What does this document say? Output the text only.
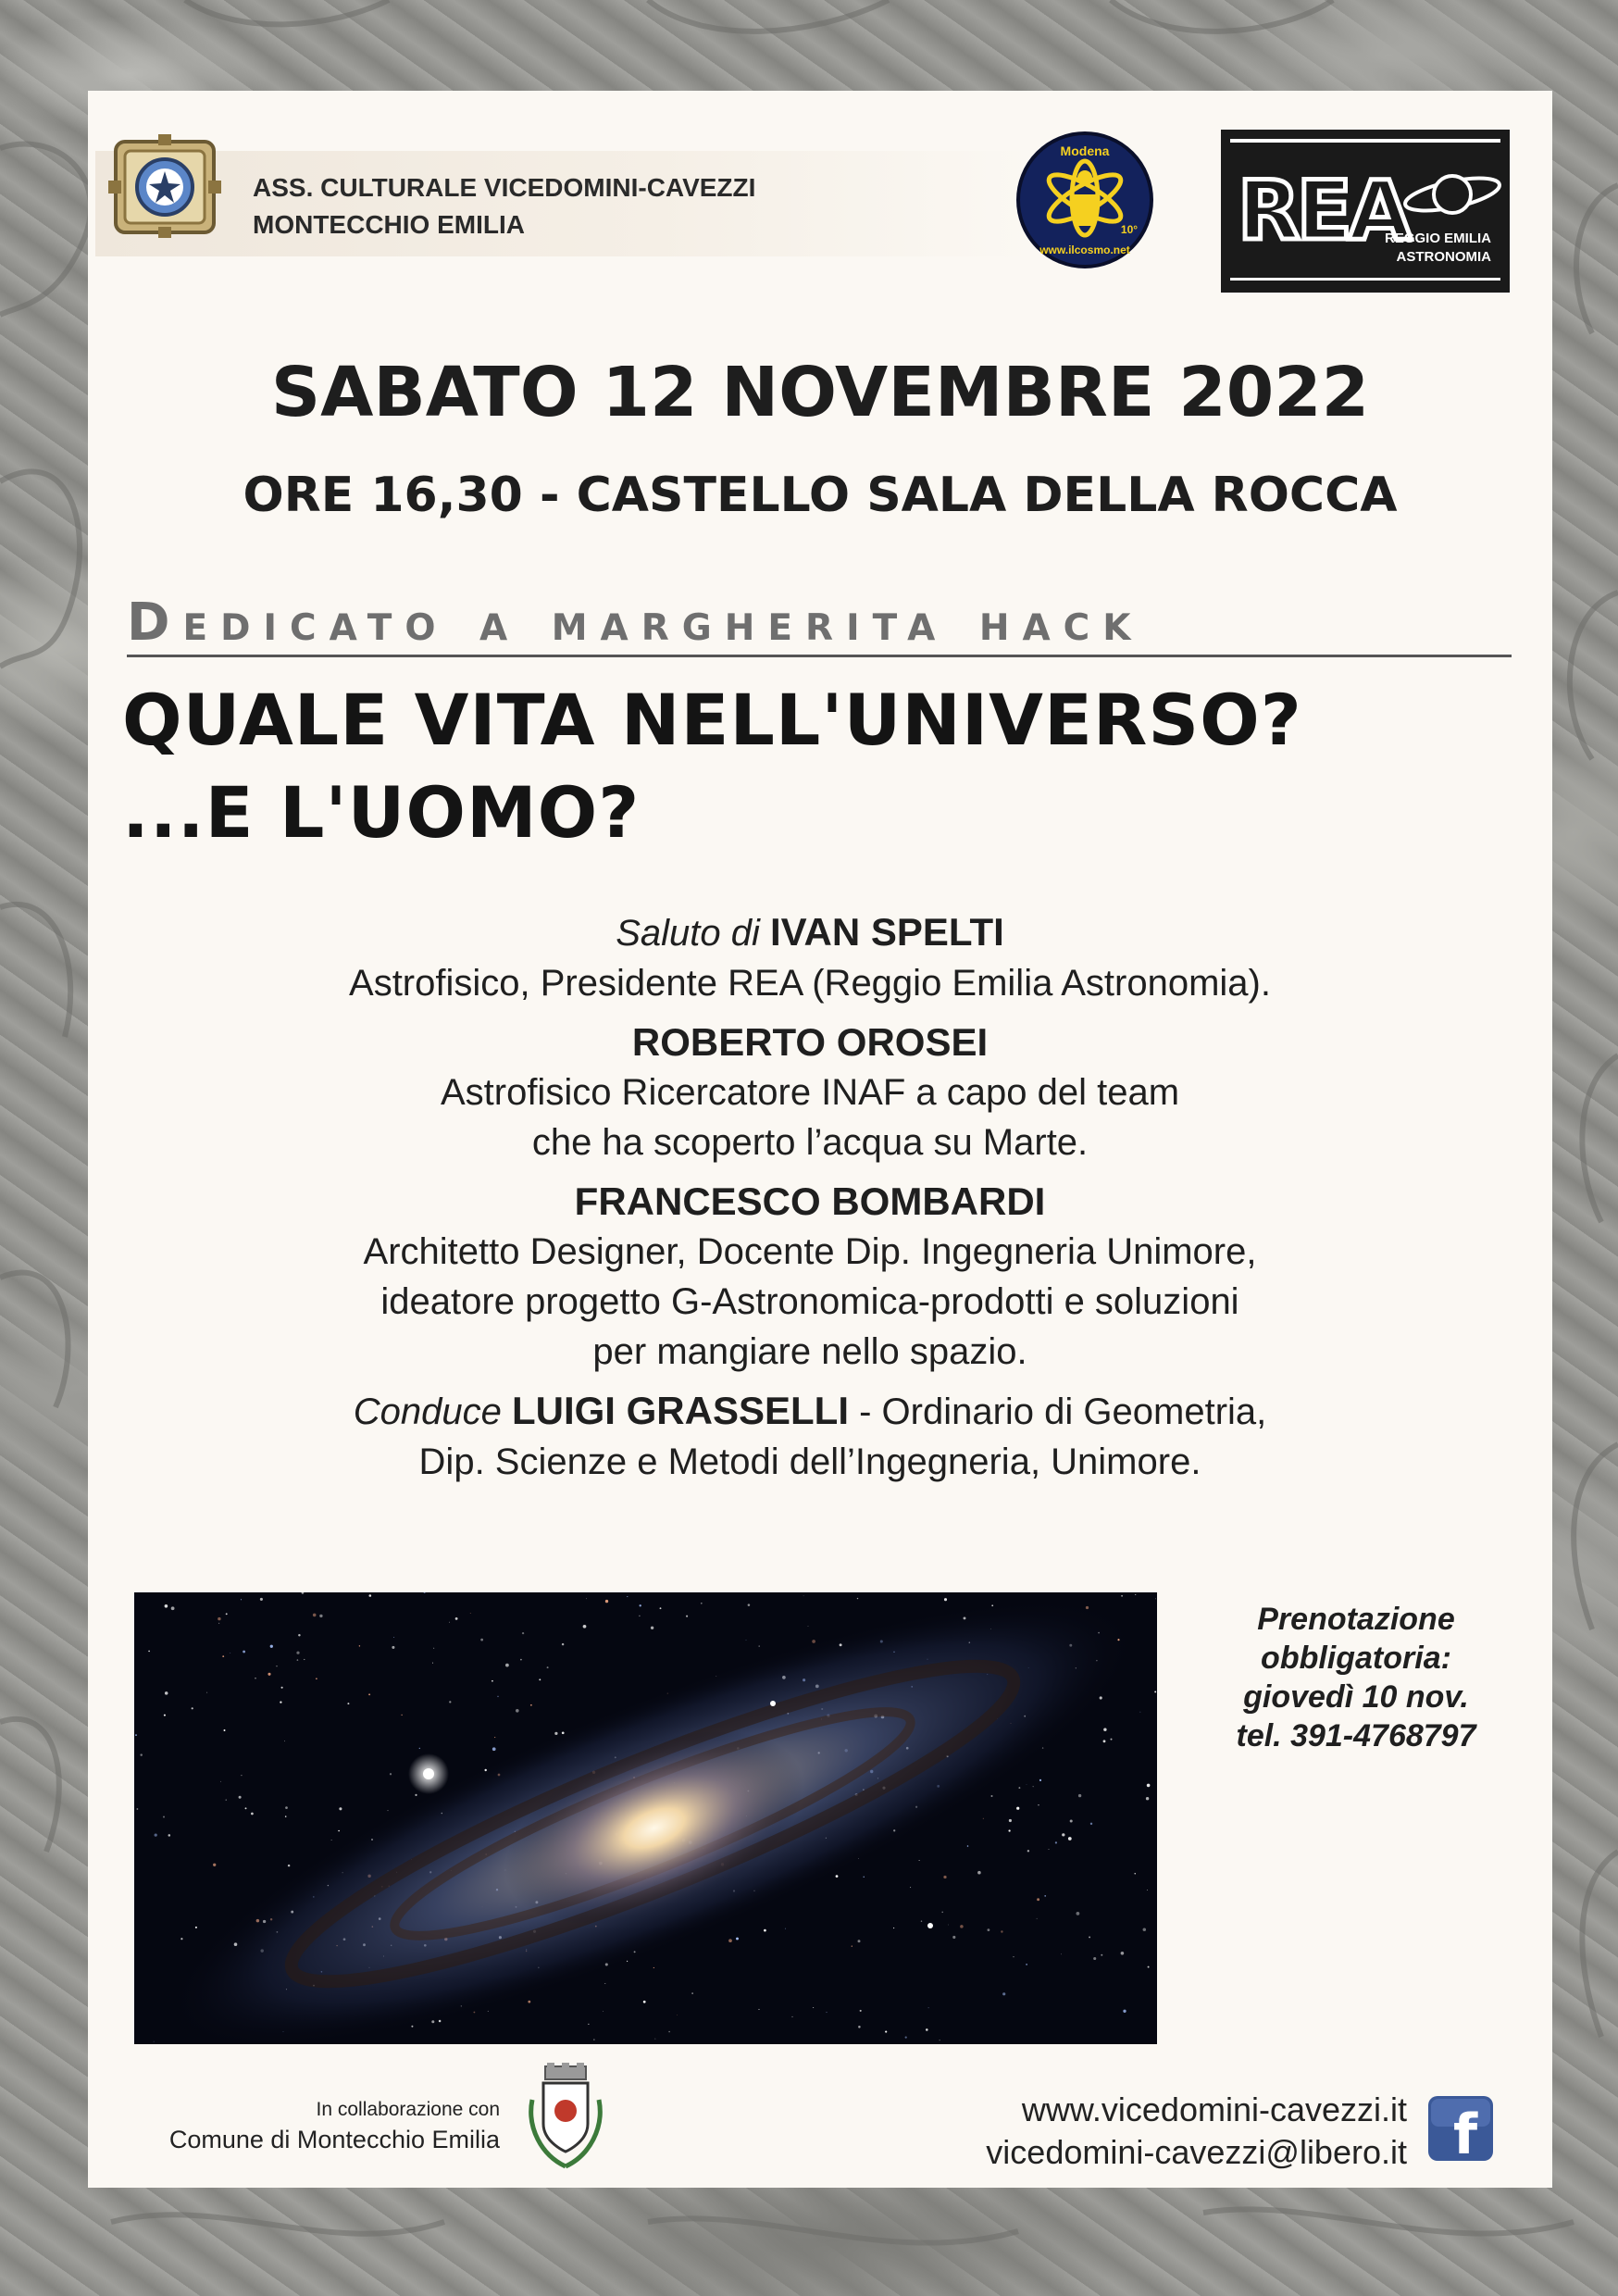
ASS. CULTURALE VICEDOMINI-CAVEZZI
MONTECCHIO EMILIA
Modena
www.ilcosmo.net
10° REA
REGGIO EMILIA
ASTRONOMIA
SABATO 12 NOVEMBRE 2022
ORE 16,30 - CASTELLO SALA DELLA ROCCA
Dedicato a margherita hack
QUALE VITA NELL'UNIVERSO?
...E L'UOMO?
Saluto di IVAN SPELTI
Astrofisico, Presidente REA (Reggio Emilia Astronomia).
ROBERTO OROSEI
Astrofisico Ricercatore INAF a capo del team
che ha scoperto l’acqua su Marte.
FRANCESCO BOMBARDI
Architetto Designer, Docente Dip. Ingegneria Unimore,
ideatore progetto G-Astronomica-prodotti e soluzioni
per mangiare nello spazio.
Conduce LUIGI GRASSELLI - Ordinario di Geometria,
Dip. Scienze e Metodi dell’Ingegneria, Unimore.
Prenotazione
obbligatoria:
giovedì 10 nov.
tel. 391-4768797
In collaborazione con
Comune di Montecchio Emilia
www.vicedomini-cavezzi.it
vicedomini-cavezzi@libero.it f
